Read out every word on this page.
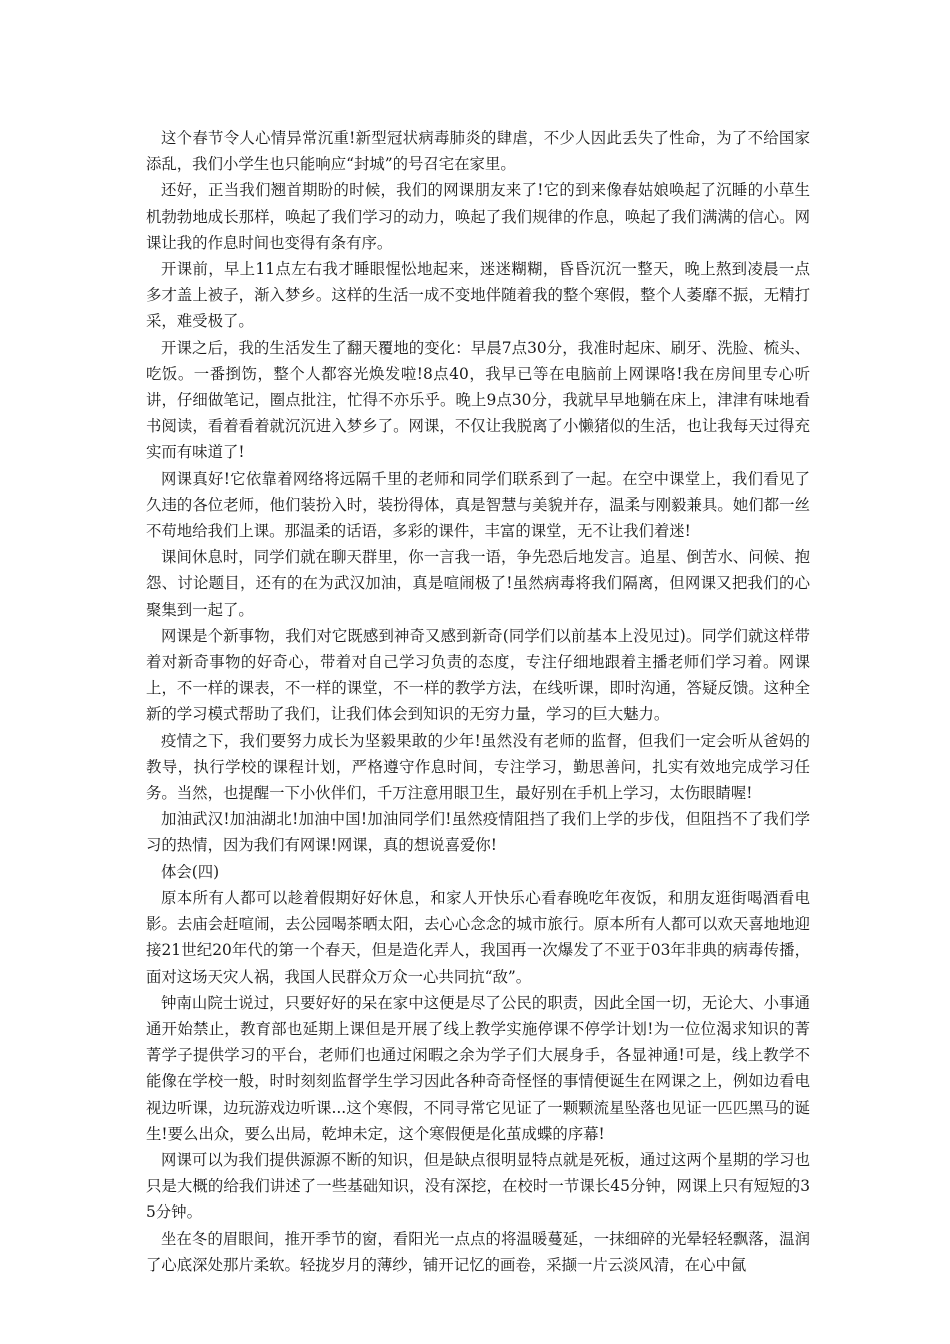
这个春节令人心情异常沉重!新型冠状病毒肺炎的肆虐，不少人因此丢失了性命，为了不给国家添乱，我们小学生也只能响应“封城”的号召宅在家里。

还好，正当我们翘首期盼的时候，我们的网课朋友来了!它的到来像春姑娘唤起了沉睡的小草生机勃勃地成长那样，唤起了我们学习的动力，唤起了我们规律的作息，唤起了我们满满的信心。网课让我的作息时间也变得有条有序。

开课前，早上11点左右我才睡眼惺忪地起来，迷迷糊糊，昏昏沉沉一整天，晚上熬到凌晨一点多才盖上被子，渐入梦乡。这样的生活一成不变地伴随着我的整个寒假，整个人萎靡不振，无精打采，难受极了。

开课之后，我的生活发生了翻天覆地的变化：早晨7点30分，我准时起床、刷牙、洗脸、梳头、吃饭。一番捯饬，整个人都容光焕发啦!8点40，我早已等在电脑前上网课咯!我在房间里专心听讲，仔细做笔记，圈点批注，忙得不亦乐乎。晚上9点30分，我就早早地躺在床上，津津有味地看书阅读，看着看着就沉沉进入梦乡了。网课，不仅让我脱离了小懒猪似的生活，也让我每天过得充实而有味道了!

网课真好!它依靠着网络将远隔千里的老师和同学们联系到了一起。在空中课堂上，我们看见了久违的各位老师，他们装扮入时，装扮得体，真是智慧与美貌并存，温柔与刚毅兼具。她们都一丝不苟地给我们上课。那温柔的话语，多彩的课件，丰富的课堂，无不让我们着迷!

课间休息时，同学们就在聊天群里，你一言我一语，争先恐后地发言。追星、倒苦水、问候、抱怨、讨论题目，还有的在为武汉加油，真是喧闹极了!虽然病毒将我们隔离，但网课又把我们的心聚集到一起了。

网课是个新事物，我们对它既感到神奇又感到新奇(同学们以前基本上没见过)。同学们就这样带着对新奇事物的好奇心，带着对自己学习负责的态度，专注仔细地跟着主播老师们学习着。网课上，不一样的课表，不一样的课堂，不一样的教学方法，在线听课，即时沟通，答疑反馈。这种全新的学习模式帮助了我们，让我们体会到知识的无穷力量，学习的巨大魅力。

疫情之下，我们要努力成长为坚毅果敢的少年!虽然没有老师的监督，但我们一定会听从爸妈的教导，执行学校的课程计划，严格遵守作息时间，专注学习，勤思善问，扎实有效地完成学习任务。当然，也提醒一下小伙伴们，千万注意用眼卫生，最好别在手机上学习，太伤眼睛喔!

加油武汉!加油湖北!加油中国!加油同学们!虽然疫情阻挡了我们上学的步伐，但阻挡不了我们学习的热情，因为我们有网课!网课，真的想说喜爱你!

体会(四)

原本所有人都可以趁着假期好好休息，和家人开快乐心看春晚吃年夜饭，和朋友逛街喝酒看电影。去庙会赶喧闹，去公园喝茶晒太阳，去心心念念的城市旅行。原本所有人都可以欢天喜地地迎接21世纪20年代的第一个春天，但是造化弄人，我国再一次爆发了不亚于03年非典的病毒传播，面对这场天灾人祸，我国人民群众万众一心共同抗“敌”。

钟南山院士说过，只要好好的呆在家中这便是尽了公民的职责，因此全国一切，无论大、小事通通开始禁止，教育部也延期上课但是开展了线上教学实施停课不停学计划!为一位位渴求知识的菁菁学子提供学习的平台，老师们也通过闲暇之余为学子们大展身手，各显神通!可是，线上教学不能像在学校一般，时时刻刻监督学生学习因此各种奇奇怪怪的事情便诞生在网课之上，例如边看电视边听课，边玩游戏边听课...这个寒假，不同寻常它见证了一颗颗流星坠落也见证一匹匹黑马的诞生!要么出众，要么出局，乾坤未定，这个寒假便是化茧成蝶的序幕!

网课可以为我们提供源源不断的知识，但是缺点很明显特点就是死板，通过这两个星期的学习也只是大概的给我们讲述了一些基础知识，没有深挖，在校时一节课长45分钟，网课上只有短短的35分钟。

坐在冬的眉眼间，推开季节的窗，看阳光一点点的将温暖蔓延，一抹细碎的光晕轻轻飘落，温润了心底深处那片柔软。轻拢岁月的薄纱，铺开记忆的画卷，采撷一片云淡风清，在心中氤
